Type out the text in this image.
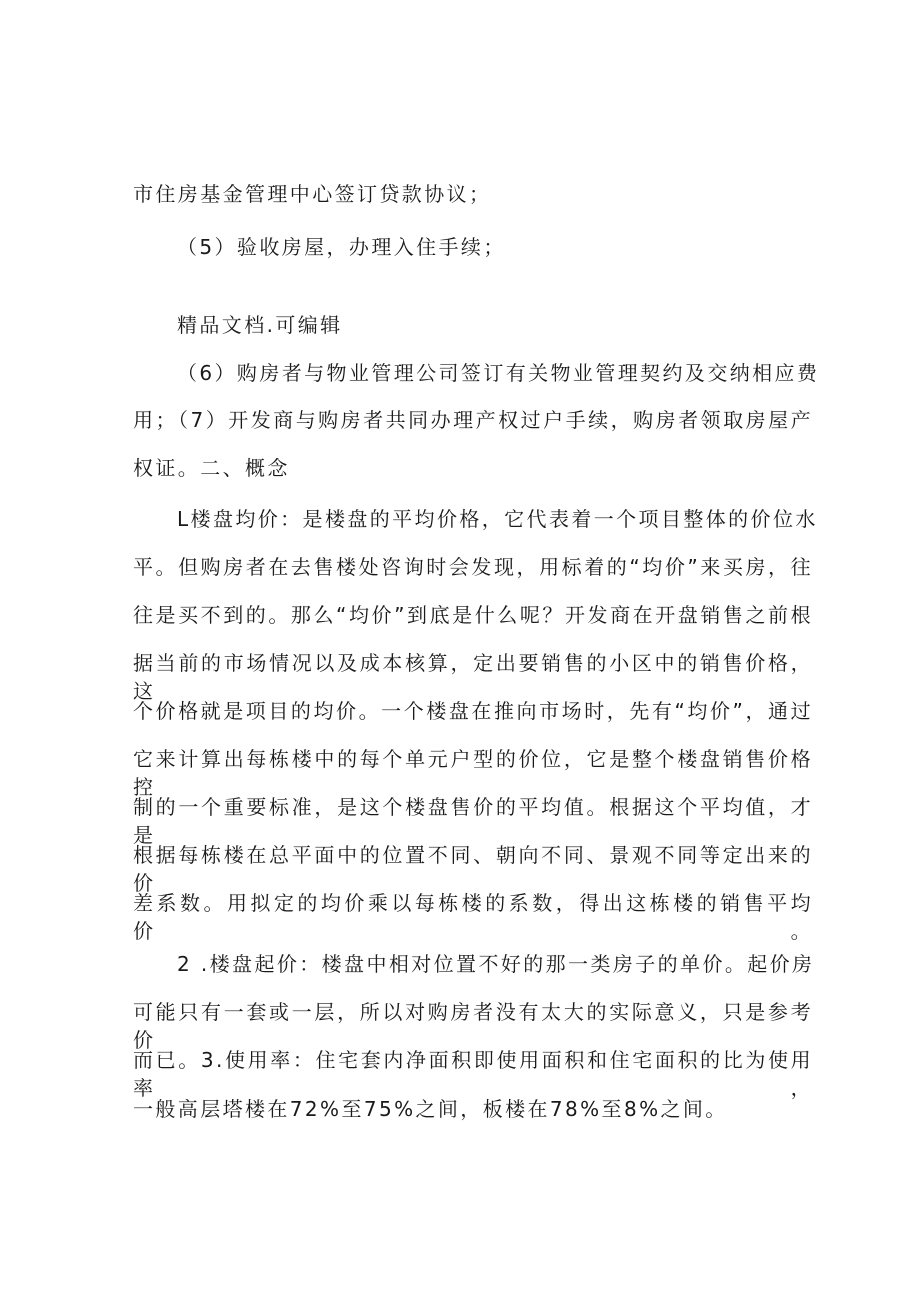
市住房基金管理中心签订贷款协议；
（5）验收房屋，办理入住手续；
精品文档.可编辑
（6）购房者与物业管理公司签订有关物业管理契约及交纳相应费
用；（7）开发商与购房者共同办理产权过户手续，购房者领取房屋产
权证。二、概念
L楼盘均价：是楼盘的平均价格，它代表着一个项目整体的价位水
平。但购房者在去售楼处咨询时会发现，用标着的“均价”来买房，往
往是买不到的。那么“均价”到底是什么呢？开发商在开盘销售之前根
据当前的市场情况以及成本核算，定出要销售的小区中的销售价格，这
个价格就是项目的均价。一个楼盘在推向市场时，先有“均价”，通过
它来计算出每栋楼中的每个单元户型的价位，它是整个楼盘销售价格控
制的一个重要标准，是这个楼盘售价的平均值。根据这个平均值，才是
根据每栋楼在总平面中的位置不同、朝向不同、景观不同等定出来的价
差系数。用拟定的均价乘以每栋楼的系数，得出这栋楼的销售平均价。
2 .楼盘起价：楼盘中相对位置不好的那一类房子的单价。起价房
可能只有一套或一层，所以对购房者没有太大的实际意义，只是参考价
而已。3.使用率：住宅套内净面积即使用面积和住宅面积的比为使用率，
一般高层塔楼在72%至75%之间，板楼在78%至8%之间。
